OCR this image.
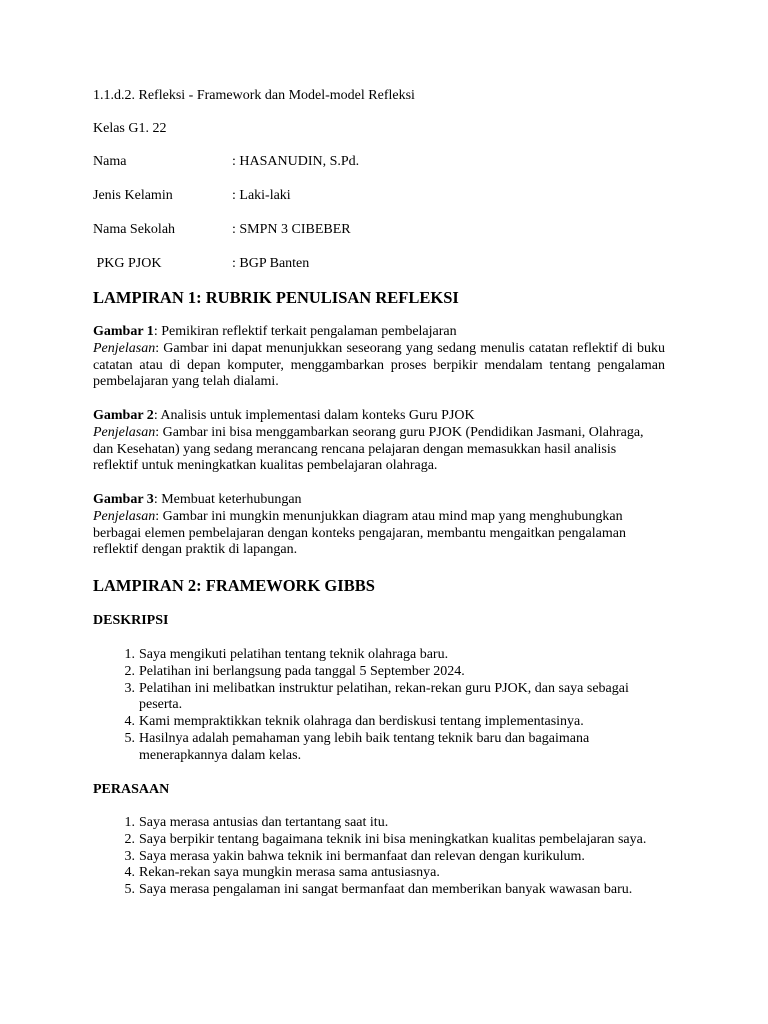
1.1.d.2. Refleksi - Framework dan Model-model Refleksi
Kelas G1. 22
Nama	: HASANUDIN, S.Pd.
Jenis Kelamin	: Laki-laki
Nama Sekolah	: SMPN 3 CIBEBER
PKG PJOK	: BGP Banten
LAMPIRAN 1: RUBRIK PENULISAN REFLEKSI
Gambar 1: Pemikiran reflektif terkait pengalaman pembelajaran
Penjelasan: Gambar ini dapat menunjukkan seseorang yang sedang menulis catatan reflektif di buku catatan atau di depan komputer, menggambarkan proses berpikir mendalam tentang pengalaman pembelajaran yang telah dialami.
Gambar 2: Analisis untuk implementasi dalam konteks Guru PJOK
Penjelasan: Gambar ini bisa menggambarkan seorang guru PJOK (Pendidikan Jasmani, Olahraga, dan Kesehatan) yang sedang merancang rencana pelajaran dengan memasukkan hasil analisis reflektif untuk meningkatkan kualitas pembelajaran olahraga.
Gambar 3: Membuat keterhubungan
Penjelasan: Gambar ini mungkin menunjukkan diagram atau mind map yang menghubungkan berbagai elemen pembelajaran dengan konteks pengajaran, membantu mengaitkan pengalaman reflektif dengan praktik di lapangan.
LAMPIRAN 2: FRAMEWORK GIBBS
DESKRIPSI
1. Saya mengikuti pelatihan tentang teknik olahraga baru.
2. Pelatihan ini berlangsung pada tanggal 5 September 2024.
3. Pelatihan ini melibatkan instruktur pelatihan, rekan-rekan guru PJOK, dan saya sebagai peserta.
4. Kami mempraktikkan teknik olahraga dan berdiskusi tentang implementasinya.
5. Hasilnya adalah pemahaman yang lebih baik tentang teknik baru dan bagaimana menerapkannya dalam kelas.
PERASAAN
1. Saya merasa antusias dan tertantang saat itu.
2. Saya berpikir tentang bagaimana teknik ini bisa meningkatkan kualitas pembelajaran saya.
3. Saya merasa yakin bahwa teknik ini bermanfaat dan relevan dengan kurikulum.
4. Rekan-rekan saya mungkin merasa sama antusiasnya.
5. Saya merasa pengalaman ini sangat bermanfaat dan memberikan banyak wawasan baru.
